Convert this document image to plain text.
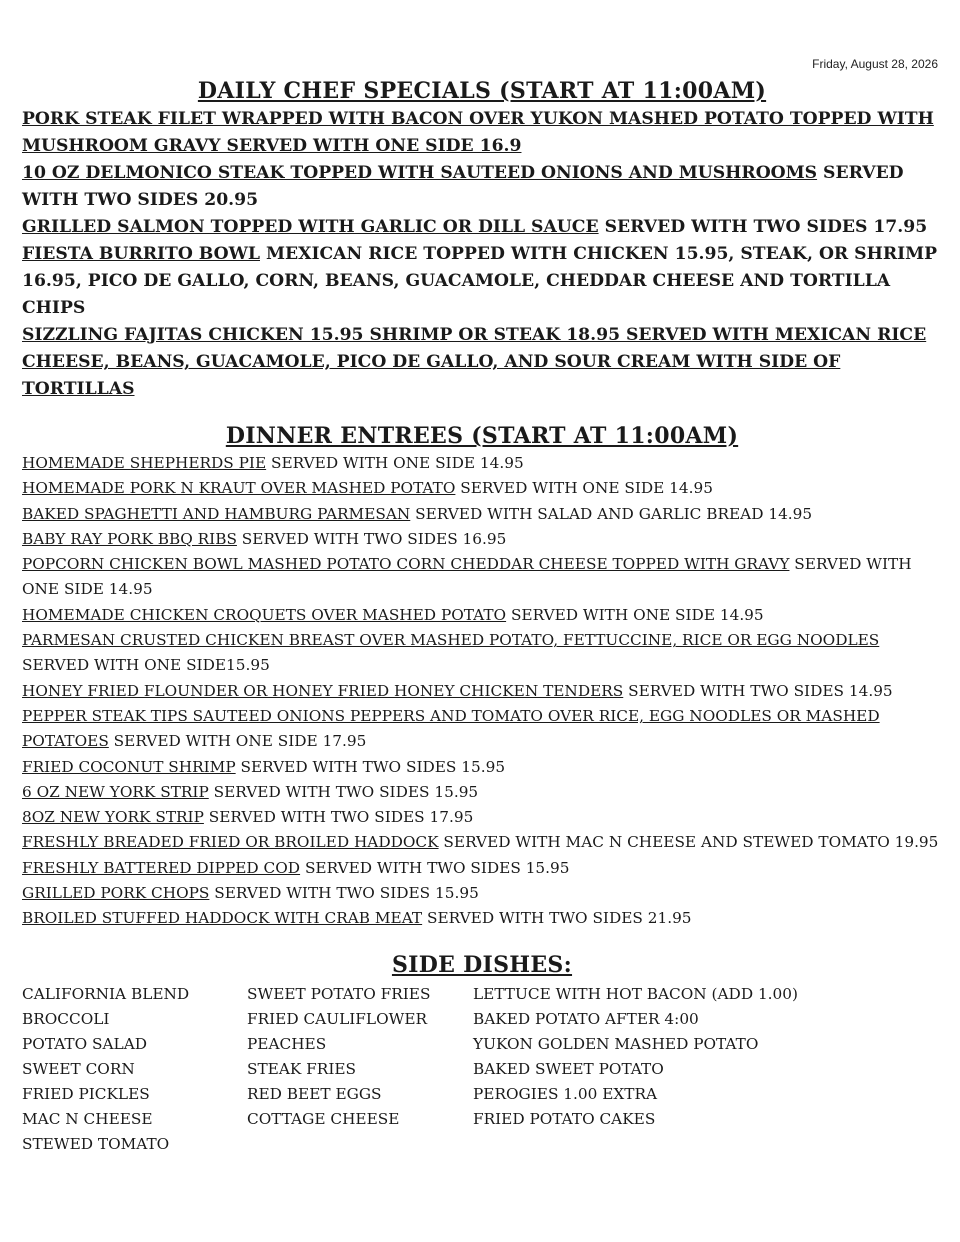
Friday, August 28, 2026
DAILY CHEF SPECIALS (START AT 11:00AM)

PORK STEAK FILET WRAPPED WITH BACON OVER YUKON MASHED POTATO TOPPED WITH MUSHROOM GRAVY SERVED WITH ONE SIDE 16.9

10 OZ DELMONICO STEAK TOPPED WITH SAUTEED ONIONS AND MUSHROOMS SERVED WITH TWO SIDES 20.95

GRILLED SALMON TOPPED WITH GARLIC OR DILL SAUCE SERVED WITH TWO SIDES 17.95

FIESTA BURRITO BOWL MEXICAN RICE TOPPED WITH CHICKEN 15.95, STEAK, OR SHRIMP 16.95, PICO DE GALLO, CORN, BEANS, GUACAMOLE, CHEDDAR CHEESE AND TORTILLA CHIPS

SIZZLING FAJITAS CHICKEN 15.95 SHRIMP OR STEAK 18.95 SERVED WITH MEXICAN RICE CHEESE, BEANS, GUACAMOLE, PICO DE GALLO, AND SOUR CREAM WITH SIDE OF TORTILLAS

DINNER ENTREES (START AT 11:00AM)

HOMEMADE SHEPHERDS PIE SERVED WITH ONE SIDE 14.95

HOMEMADE PORK N KRAUT OVER MASHED POTATO SERVED WITH ONE SIDE 14.95

BAKED SPAGHETTI AND HAMBURG PARMESAN SERVED WITH SALAD AND GARLIC BREAD 14.95

BABY RAY PORK BBQ RIBS SERVED WITH TWO SIDES 16.95

POPCORN CHICKEN BOWL MASHED POTATO CORN CHEDDAR CHEESE TOPPED WITH GRAVY SERVED WITH ONE SIDE 14.95

HOMEMADE CHICKEN CROQUETS OVER MASHED POTATO SERVED WITH ONE SIDE 14.95

PARMESAN CRUSTED CHICKEN BREAST OVER MASHED POTATO, FETTUCCINE, RICE OR EGG NOODLES SERVED WITH ONE SIDE15.95

HONEY FRIED FLOUNDER OR HONEY FRIED HONEY CHICKEN TENDERS SERVED WITH TWO SIDES 14.95

PEPPER STEAK TIPS SAUTEED ONIONS PEPPERS AND TOMATO OVER RICE, EGG NOODLES OR MASHED POTATOES SERVED WITH ONE SIDE 17.95

FRIED COCONUT SHRIMP SERVED WITH TWO SIDES 15.95

6 OZ NEW YORK STRIP SERVED WITH TWO SIDES 15.95

8OZ NEW YORK STRIP SERVED WITH TWO SIDES 17.95

FRESHLY BREADED FRIED OR BROILED HADDOCK SERVED WITH MAC N CHEESE AND STEWED TOMATO 19.95

FRESHLY BATTERED DIPPED COD SERVED WITH TWO SIDES 15.95

GRILLED PORK CHOPS SERVED WITH TWO SIDES 15.95

BROILED STUFFED HADDOCK WITH CRAB MEAT SERVED WITH TWO SIDES 21.95

SIDE DISHES:
CALIFORNIA BLEND	SWEET POTATO FRIES	LETTUCE WITH HOT BACON (ADD 1.00)
BROCCOLI	FRIED CAULIFLOWER	BAKED POTATO AFTER 4:00
POTATO SALAD	PEACHES	YUKON GOLDEN MASHED POTATO
SWEET CORN	STEAK FRIES	BAKED SWEET POTATO
FRIED PICKLES	RED BEET EGGS	PEROGIES 1.00 EXTRA
MAC N CHEESE	COTTAGE CHEESE	FRIED POTATO CAKES
STEWED TOMATO
